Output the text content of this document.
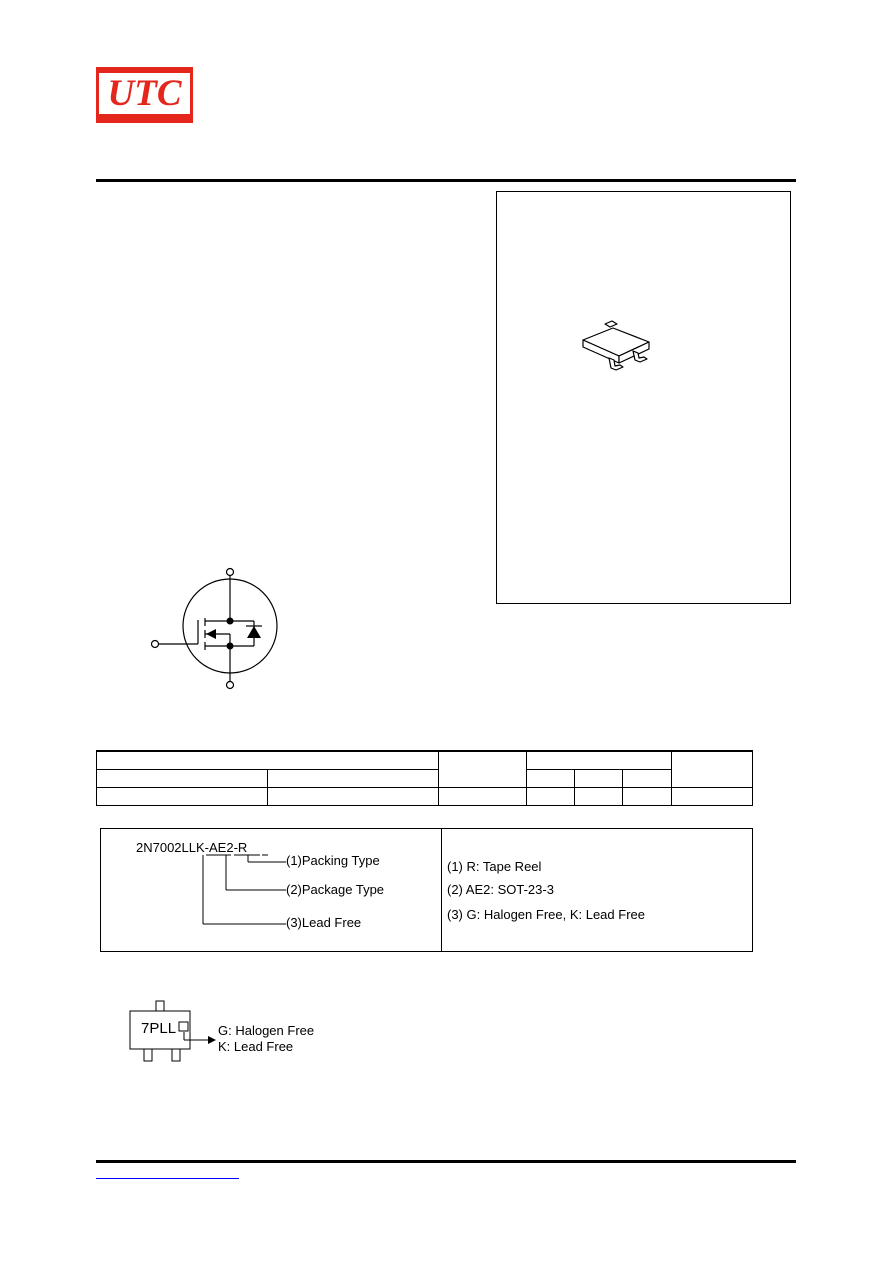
UTC

2N7002LLK-AE2-R
(1)Packing Type
(2)Package Type
(3)Lead Free
(1) R: Tape Reel
(2) AE2: SOT-23-3
(3) G: Halogen Free, K: Lead Free
7PLL	G: Halogen Free
K: Lead Free
